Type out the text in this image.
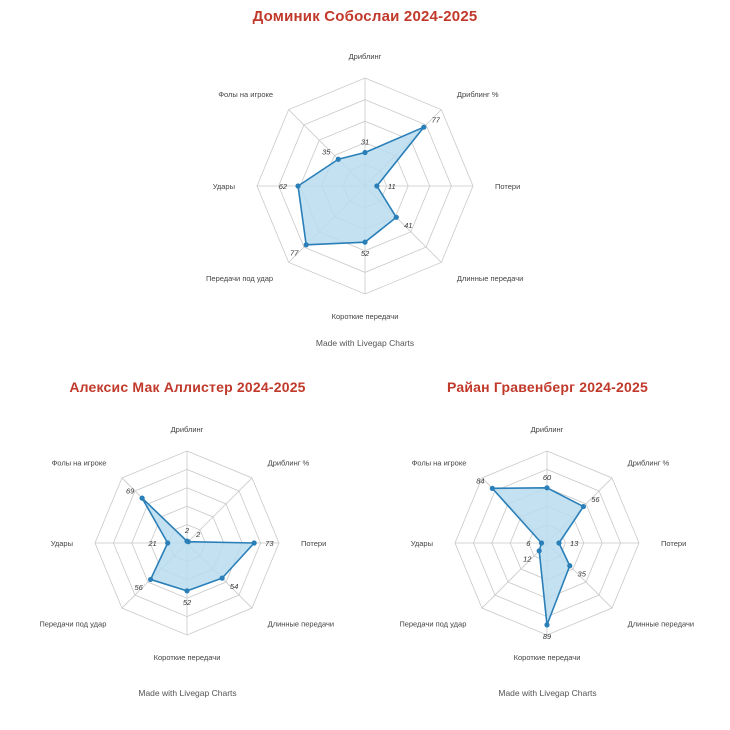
Доминик Собослаи 2024-2025
31
77
11
41
52
77
62
35
Дриблинг
Дриблинг %
Потери
Длинные передачи
Короткие передачи
Передачи под удар
Удары
Фолы на игроке
Made with Livegap Charts
Алексис Мак Аллистер 2024-2025
2 2
73
54
52
56
21
69
Дриблинг
Дриблинг %
Потери
Длинные передачи
Короткие передачи
Передачи под удар
Удары
Фолы на игроке
Made with Livegap Charts
Райан Гравенберг 2024-2025
60
56
13
35
89
12
6
84
Дриблинг
Дриблинг %
Потери
Длинные передачи
Короткие передачи
Передачи под удар
Удары
Фолы на игроке
Made with Livegap Charts
